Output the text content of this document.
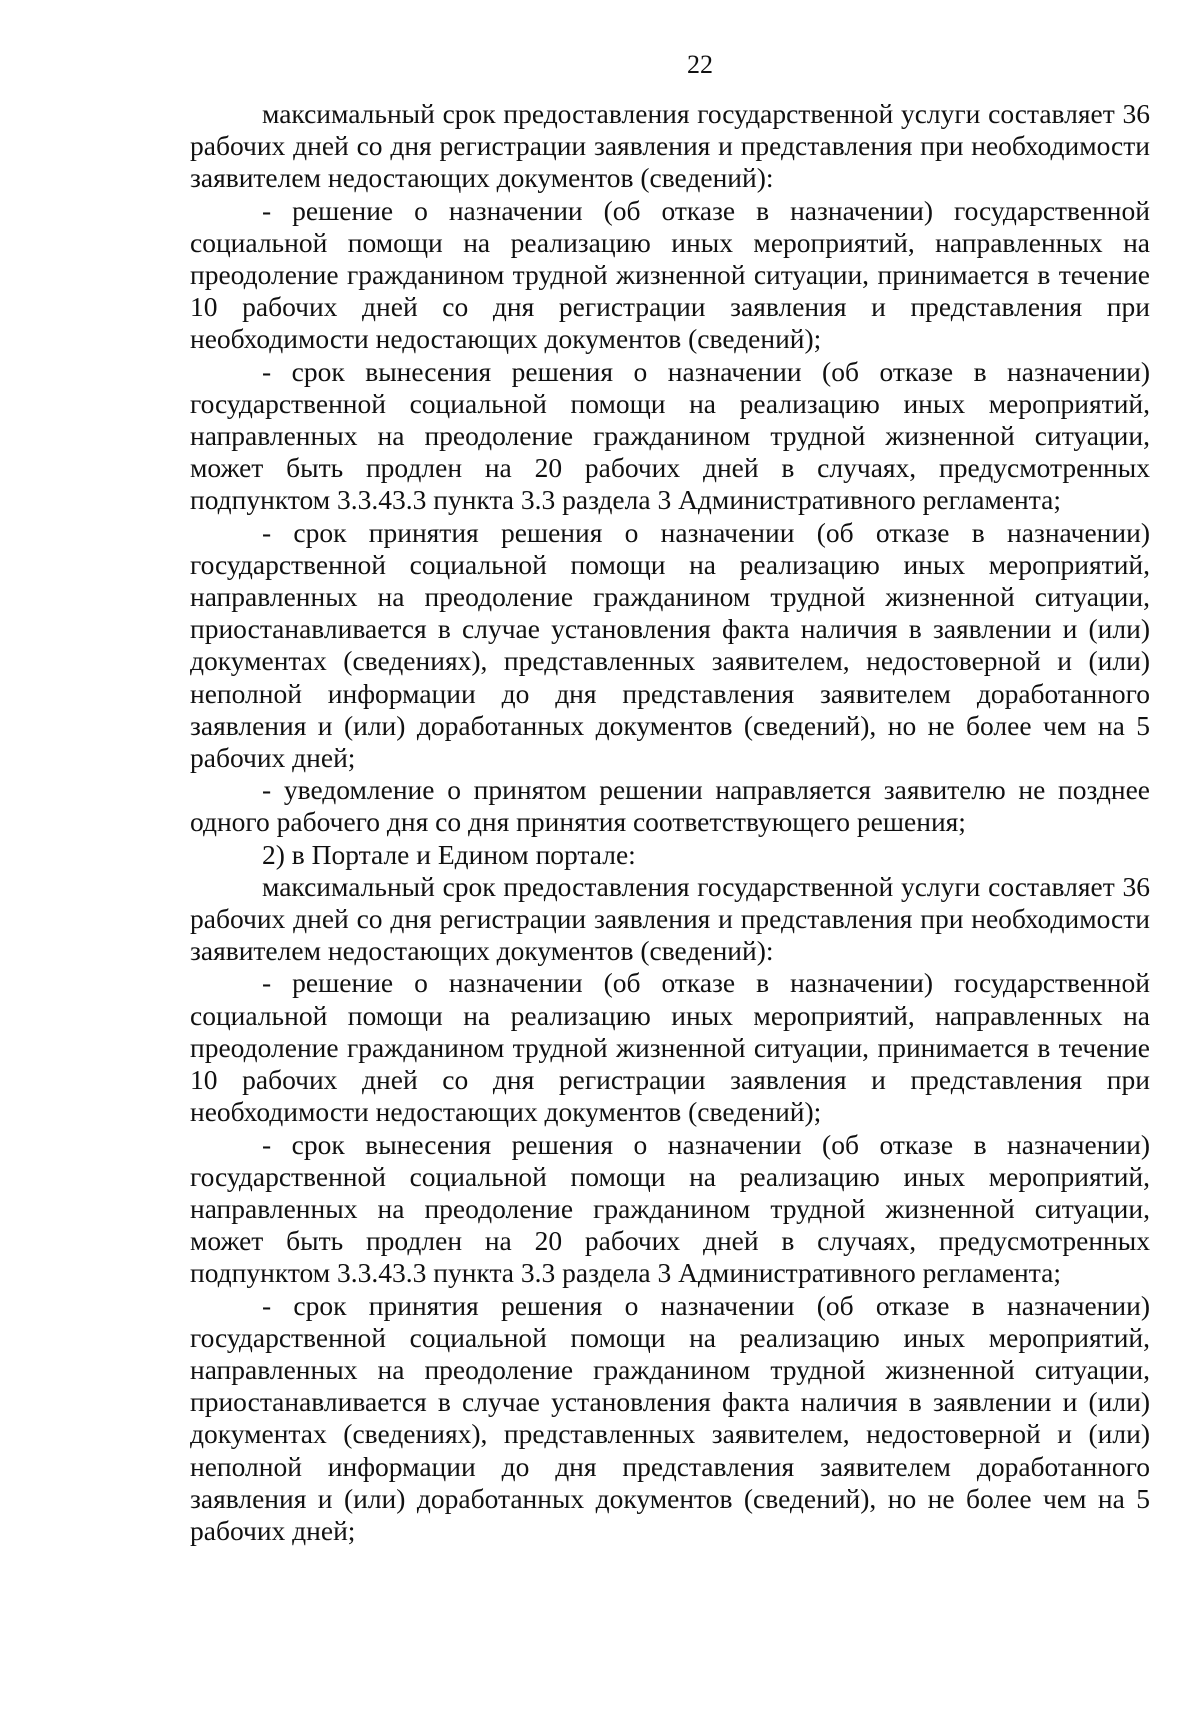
22

максимальный срок предоставления государственной услуги составляет 36 рабочих дней со дня регистрации заявления и представления при необходимости заявителем недостающих документов (сведений):

- решение о назначении (об отказе в назначении) государственной социальной помощи на реализацию иных мероприятий, направленных на преодоление гражданином трудной жизненной ситуации, принимается в течение 10 рабочих дней со дня регистрации заявления и представления при необходимости недостающих документов (сведений);

- срок вынесения решения о назначении (об отказе в назначении) государственной социальной помощи на реализацию иных мероприятий, направленных на преодоление гражданином трудной жизненной ситуации, может быть продлен на 20 рабочих дней в случаях, предусмотренных подпунктом 3.3.43.3 пункта 3.3 раздела 3 Административного регламента;

- срок принятия решения о назначении (об отказе в назначении) государственной социальной помощи на реализацию иных мероприятий, направленных на преодоление гражданином трудной жизненной ситуации, приостанавливается в случае установления факта наличия в заявлении и (или) документах (сведениях), представленных заявителем, недостоверной и (или) неполной информации до дня представления заявителем доработанного заявления и (или) доработанных документов (сведений), но не более чем на 5 рабочих дней;

- уведомление о принятом решении направляется заявителю не позднее одного рабочего дня со дня принятия соответствующего решения;

2) в Портале и Едином портале:

максимальный срок предоставления государственной услуги составляет 36 рабочих дней со дня регистрации заявления и представления при необходимости заявителем недостающих документов (сведений):

- решение о назначении (об отказе в назначении) государственной социальной помощи на реализацию иных мероприятий, направленных на преодоление гражданином трудной жизненной ситуации, принимается в течение 10 рабочих дней со дня регистрации заявления и представления при необходимости недостающих документов (сведений);

- срок вынесения решения о назначении (об отказе в назначении) государственной социальной помощи на реализацию иных мероприятий, направленных на преодоление гражданином трудной жизненной ситуации, может быть продлен на 20 рабочих дней в случаях, предусмотренных подпунктом 3.3.43.3 пункта 3.3 раздела 3 Административного регламента;

- срок принятия решения о назначении (об отказе в назначении) государственной социальной помощи на реализацию иных мероприятий, направленных на преодоление гражданином трудной жизненной ситуации, приостанавливается в случае установления факта наличия в заявлении и (или) документах (сведениях), представленных заявителем, недостоверной и (или) неполной информации до дня представления заявителем доработанного заявления и (или) доработанных документов (сведений), но не более чем на 5 рабочих дней;
